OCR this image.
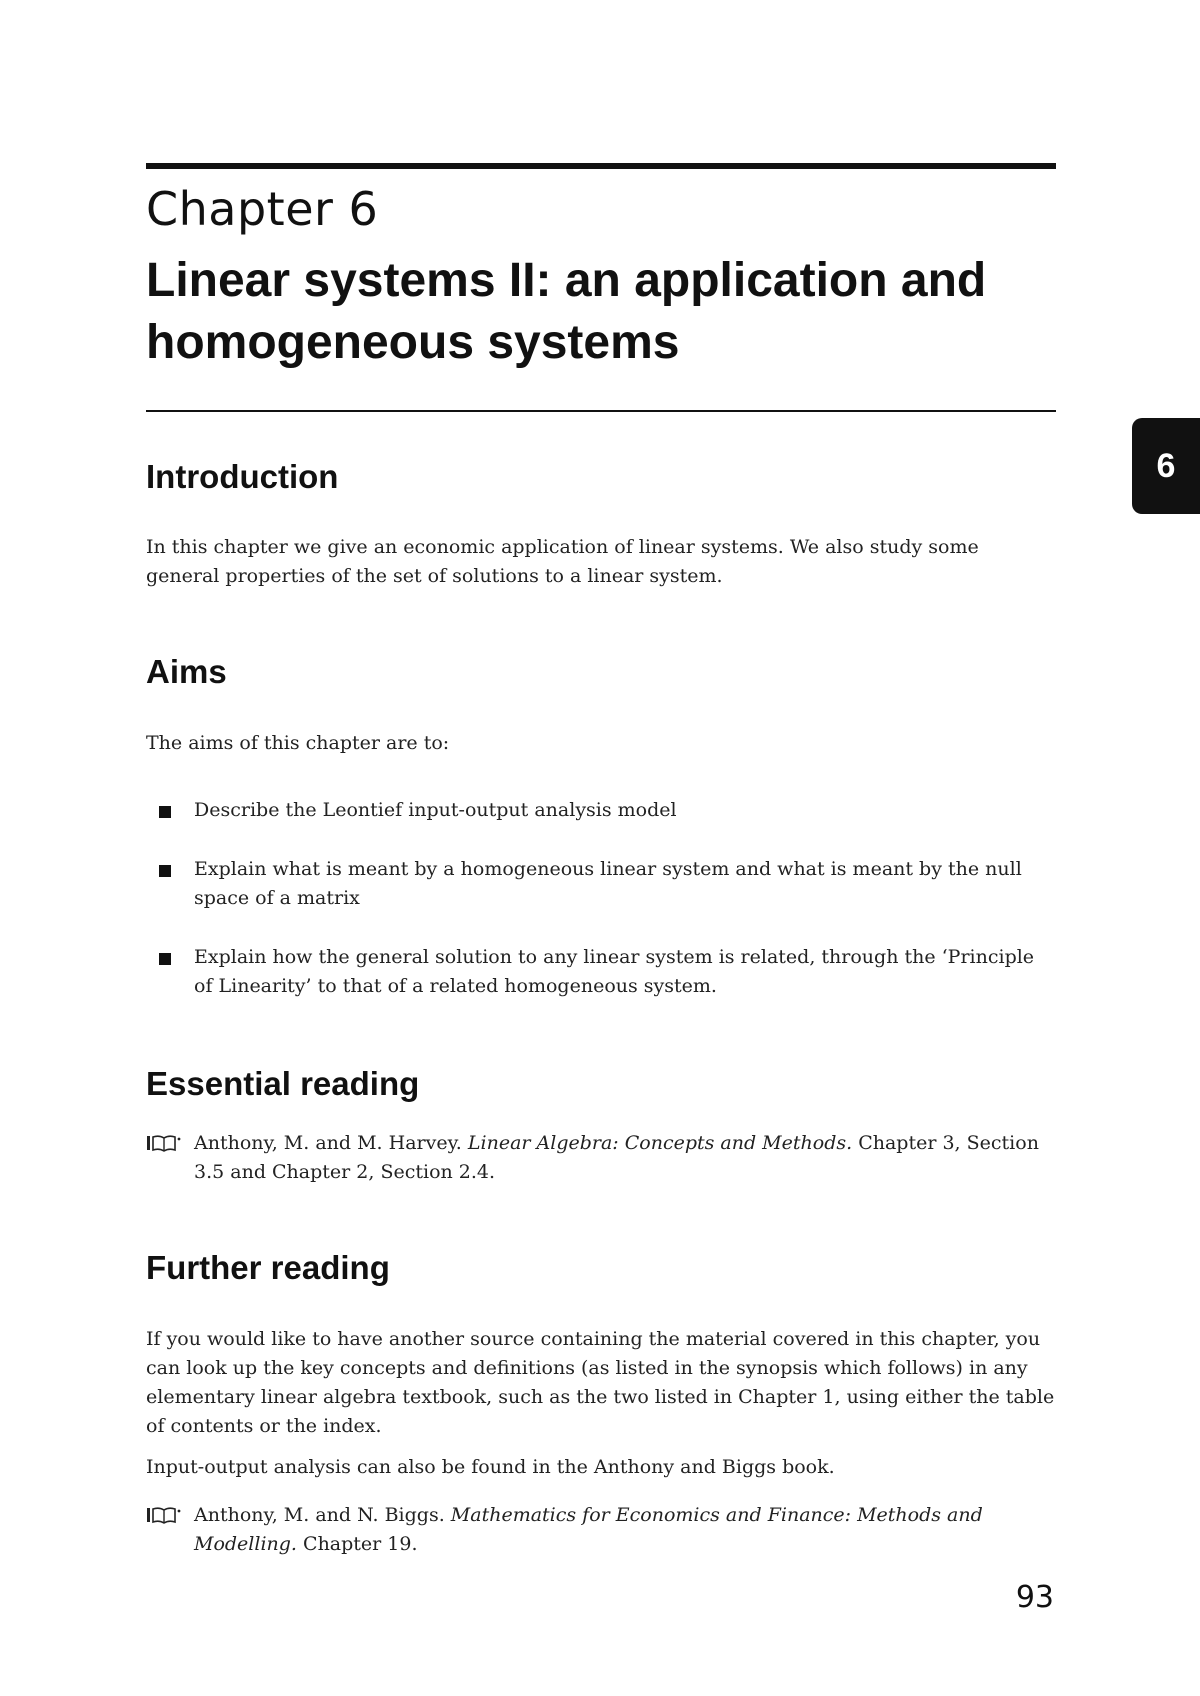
Chapter 6
Linear systems II: an application and homogeneous systems
6
Introduction

In this chapter we give an economic application of linear systems. We also study some general properties of the set of solutions to a linear system.

Aims

The aims of this chapter are to:

Describe the Leontief input-output analysis model
Explain what is meant by a homogeneous linear system and what is meant by the null space of a matrix
Explain how the general solution to any linear system is related, through the ‘Principle of Linearity’ to that of a related homogeneous system.
Essential reading

Anthony, M. and M. Harvey. Linear Algebra: Concepts and Methods. Chapter 3, Section 3.5 and Chapter 2, Section 2.4.

Further reading

If you would like to have another source containing the material covered in this chapter, you can look up the key concepts and definitions (as listed in the synopsis which follows) in any elementary linear algebra textbook, such as the two listed in Chapter 1, using either the table of contents or the index.

Input-output analysis can also be found in the Anthony and Biggs book.

Anthony, M. and N. Biggs. Mathematics for Economics and Finance: Methods and Modelling. Chapter 19.

93
